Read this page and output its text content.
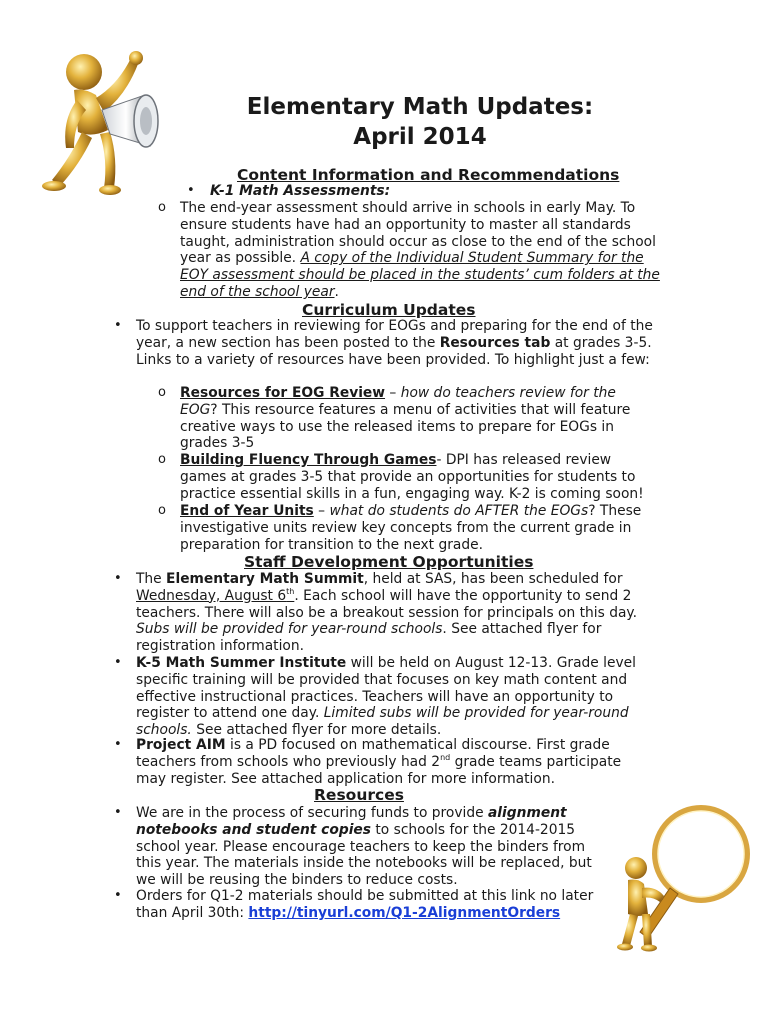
Elementary Math Updates:
April 2014
Content Information and Recommendations
• K-1 Math Assessments:
o The end-year assessment should arrive in schools in early May. To ensure students have had an opportunity to master all standards taught, administration should occur as close to the end of the school year as possible. A copy of the Individual Student Summary for the EOY assessment should be placed in the students’ cum folders at the end of the school year.
Curriculum Updates
• To support teachers in reviewing for EOGs and preparing for the end of the year, a new section has been posted to the Resources tab at grades 3-5. Links to a variety of resources have been provided. To highlight just a few:
o Resources for EOG Review – how do teachers review for the EOG? This resource features a menu of activities that will feature creative ways to use the released items to prepare for EOGs in grades 3-5
o Building Fluency Through Games- DPI has released review games at grades 3-5 that provide an opportunities for students to practice essential skills in a fun, engaging way. K-2 is coming soon!
o End of Year Units – what do students do AFTER the EOGs? These investigative units review key concepts from the current grade in preparation for transition to the next grade.
Staff Development Opportunities
• The Elementary Math Summit, held at SAS, has been scheduled for Wednesday, August 6th. Each school will have the opportunity to send 2 teachers. There will also be a breakout session for principals on this day. Subs will be provided for year-round schools. See attached flyer for registration information.
• K-5 Math Summer Institute will be held on August 12-13. Grade level specific training will be provided that focuses on key math content and effective instructional practices. Teachers will have an opportunity to register to attend one day. Limited subs will be provided for year-round schools. See attached flyer for more details.
• Project AIM is a PD focused on mathematical discourse. First grade teachers from schools who previously had 2nd grade teams participate may register. See attached application for more information.
Resources
• We are in the process of securing funds to provide alignment notebooks and student copies to schools for the 2014-2015 school year. Please encourage teachers to keep the binders from this year. The materials inside the notebooks will be replaced, but we will be reusing the binders to reduce costs.
• Orders for Q1-2 materials should be submitted at this link no later than April 30th: http://tinyurl.com/Q1-2AlignmentOrders
